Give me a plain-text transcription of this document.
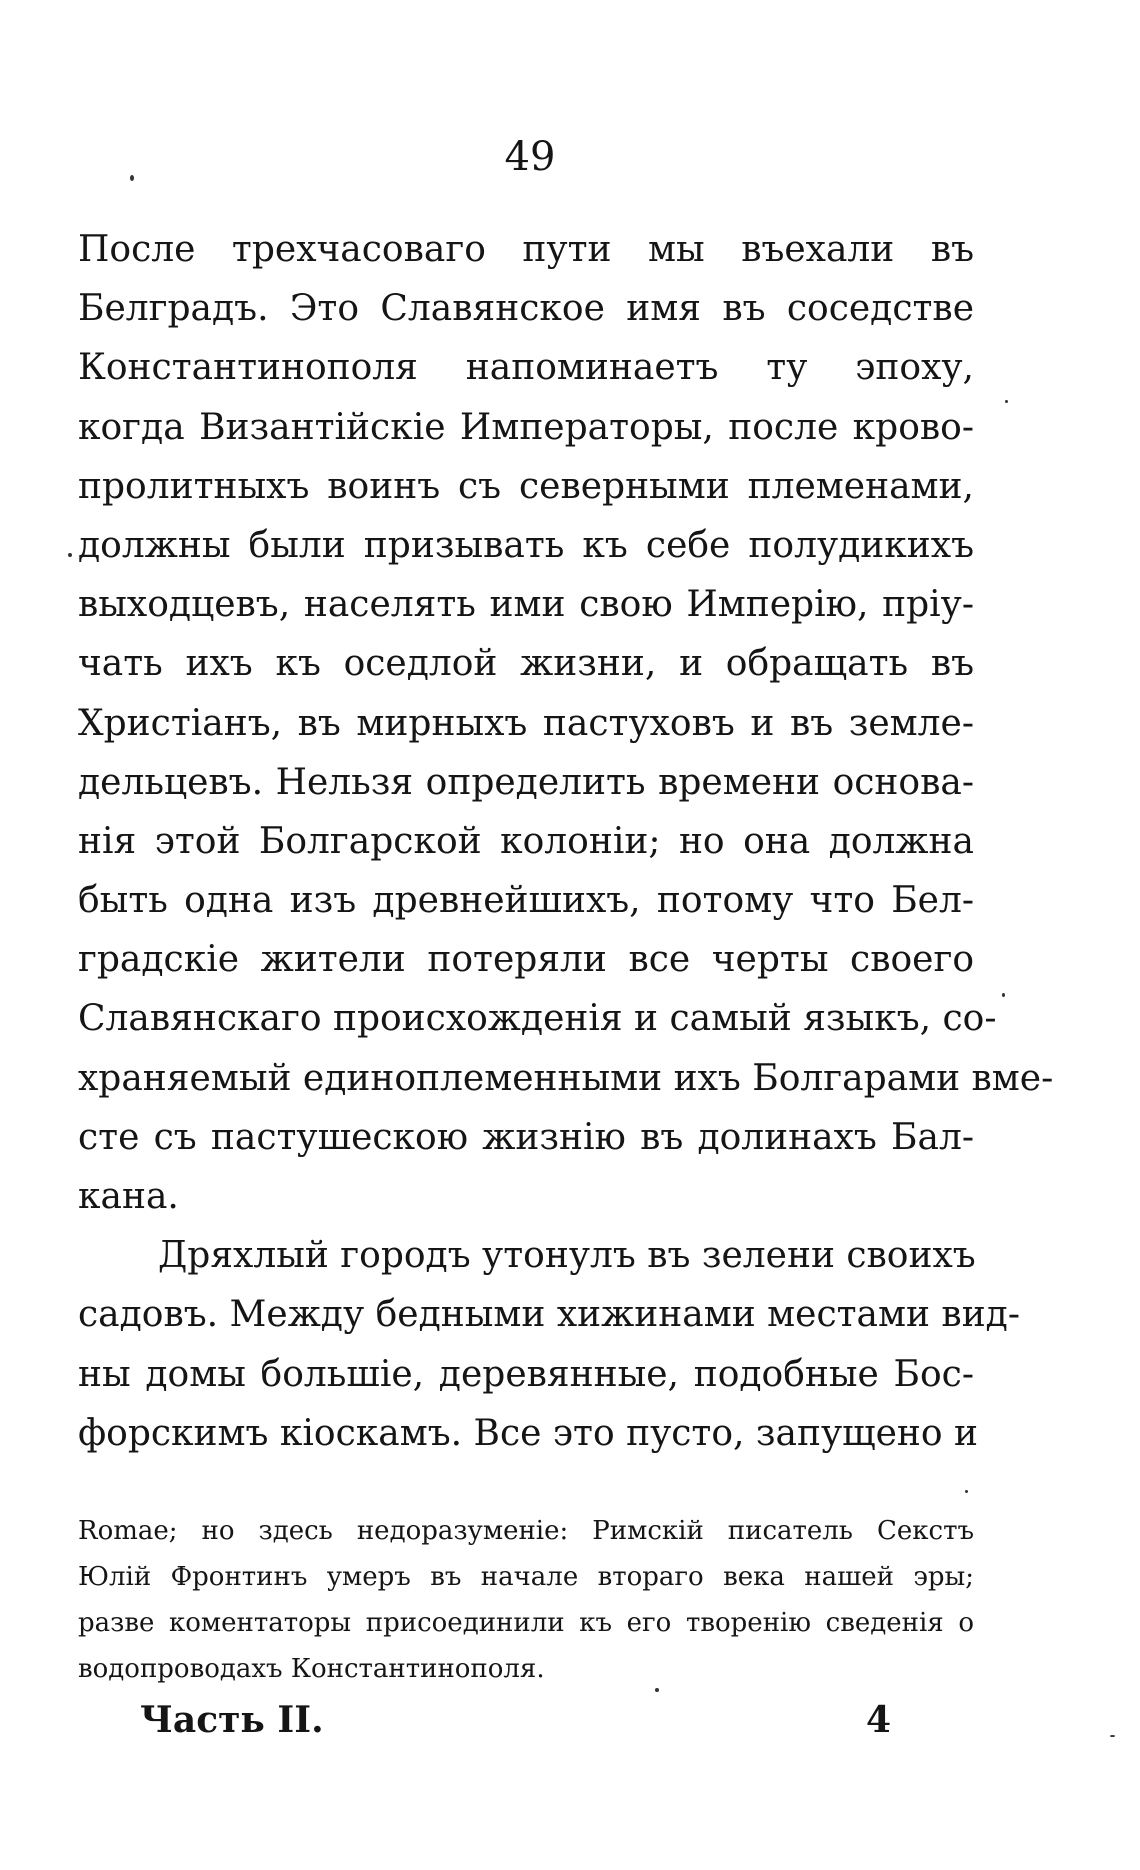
49
После трехчасоваго пути мы въехали въ
Белградъ. Это Славянское имя въ соседстве
Константинополя напоминаетъ ту эпоху,
когда Византійскіе Императоры, после крово-
пролитныхъ воинъ съ северными племенами,
должны были призывать къ себе полудикихъ
выходцевъ, населять ими свою Имперію, пріу-
чать ихъ къ оседлой жизни, и обращать въ
Христіанъ, въ мирныхъ пастуховъ и въ земле-
дельцевъ. Нельзя определить времени основа-
нія этой Болгарской колоніи; но она должна
быть одна изъ древнейшихъ, потому что Бел-
градскіе жители потеряли все черты своего
Славянскаго происхожденія и самый языкъ, со-
храняемый единоплеменными ихъ Болгарами вме-
сте съ пастушескою жизнію въ долинахъ Бал-
кана.
Дряхлый городъ утонулъ въ зелени своихъ
садовъ. Между бедными хижинами местами вид-
ны домы большіе, деревянные, подобные Бос-
форскимъ кіоскамъ. Все это пусто, запущено и
Romae; но здесь недоразуменіе: Римскій писатель Секстъ
Юлій Фронтинъ умеръ въ начале втораго века нашей эры;
разве коментаторы присоединили къ его творенію сведенія о
водопроводахъ Константинополя.
Часть II.	4
